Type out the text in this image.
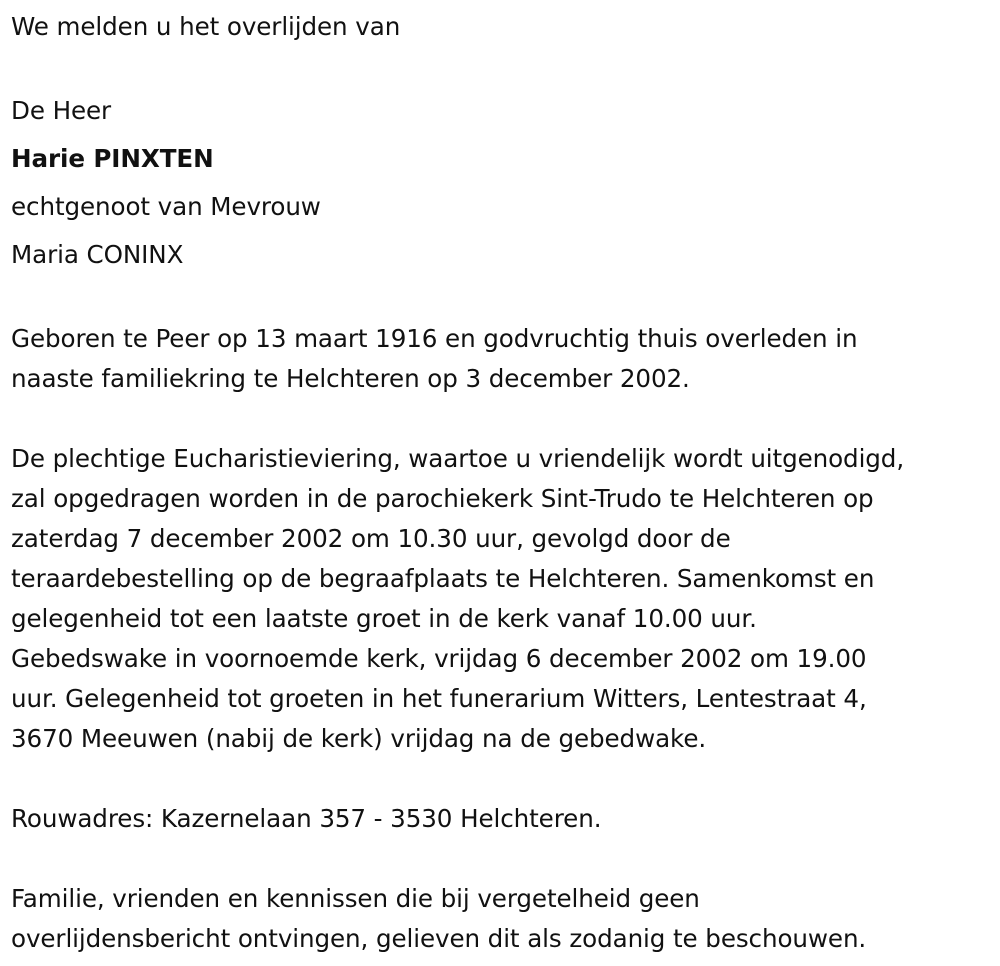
We melden u het overlijden van

De Heer
Harie PINXTEN
echtgenoot van Mevrouw
Maria CONINX

Geboren te Peer op 13 maart 1916 en godvruchtig thuis overleden in
naaste familiekring te Helchteren op 3 december 2002.

De plechtige Eucharistieviering, waartoe u vriendelijk wordt uitgenodigd,
zal opgedragen worden in de parochiekerk Sint-Trudo te Helchteren op
zaterdag 7 december 2002 om 10.30 uur, gevolgd door de
teraardebestelling op de begraafplaats te Helchteren. Samenkomst en
gelegenheid tot een laatste groet in de kerk vanaf 10.00 uur.
Gebedswake in voornoemde kerk, vrijdag 6 december 2002 om 19.00
uur. Gelegenheid tot groeten in het funerarium Witters, Lentestraat 4,
3670 Meeuwen (nabij de kerk) vrijdag na de gebedwake.

Rouwadres: Kazernelaan 357 - 3530 Helchteren.

Familie, vrienden en kennissen die bij vergetelheid geen
overlijdensbericht ontvingen, gelieven dit als zodanig te beschouwen.
